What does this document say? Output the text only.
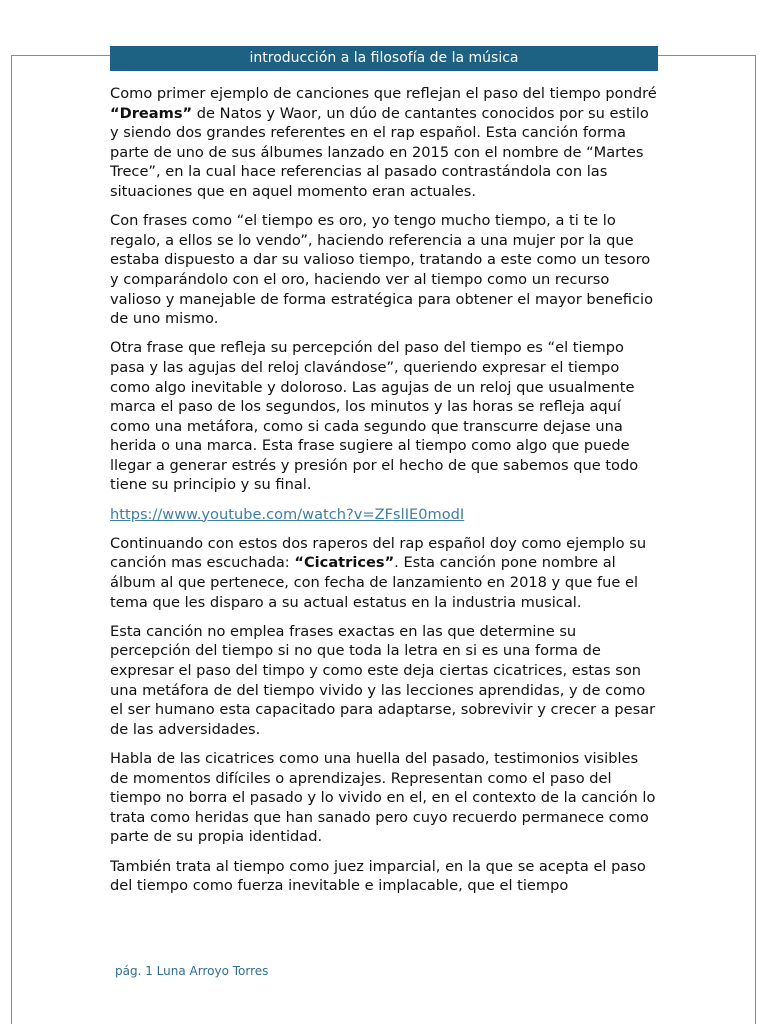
introducción a la filosofía de la música

Como primer ejemplo de canciones que reflejan el paso del tiempo pondré “Dreams” de Natos y Waor, un dúo de cantantes conocidos por su estilo y siendo dos grandes referentes en el rap español. Esta canción forma parte de uno de sus álbumes lanzado en 2015 con el nombre de “Martes Trece”, en la cual hace referencias al pasado contrastándola con las situaciones que en aquel momento eran actuales.

Con frases como “el tiempo es oro, yo tengo mucho tiempo, a ti te lo regalo, a ellos se lo vendo”, haciendo referencia a una mujer por la que estaba dispuesto a dar su valioso tiempo, tratando a este como un tesoro y comparándolo con el oro, haciendo ver al tiempo como un recurso valioso y manejable de forma estratégica para obtener el mayor beneficio de uno mismo.

Otra frase que refleja su percepción del paso del tiempo es “el tiempo pasa y las agujas del reloj clavándose”, queriendo expresar el tiempo como algo inevitable y doloroso. Las agujas de un reloj que usualmente marca el paso de los segundos, los minutos y las horas se refleja aquí como una metáfora, como si cada segundo que transcurre dejase una herida o una marca. Esta frase sugiere al tiempo como algo que puede llegar a generar estrés y presión por el hecho de que sabemos que todo tiene su principio y su final.

https://www.youtube.com/watch?v=ZFslIE0modI

Continuando con estos dos raperos del rap español doy como ejemplo su canción mas escuchada: “Cicatrices”. Esta canción pone nombre al álbum al que pertenece, con fecha de lanzamiento en 2018 y que fue el tema que les disparo a su actual estatus en la industria musical.

Esta canción no emplea frases exactas en las que determine su percepción del tiempo si no que toda la letra en si es una forma de expresar el paso del timpo y como este deja ciertas cicatrices, estas son una metáfora de del tiempo vivido y las lecciones aprendidas, y de como el ser humano esta capacitado para adaptarse, sobrevivir y crecer a pesar de las adversidades.

Habla de las cicatrices como una huella del pasado, testimonios visibles de momentos difíciles o aprendizajes. Representan como el paso del tiempo no borra el pasado y lo vivido en el, en el contexto de la canción lo trata como heridas que han sanado pero cuyo recuerdo permanece como parte de su propia identidad.

También trata al tiempo como juez imparcial, en la que se acepta el paso del tiempo como fuerza inevitable e implacable, que el tiempo

pág. 1 Luna Arroyo Torres
